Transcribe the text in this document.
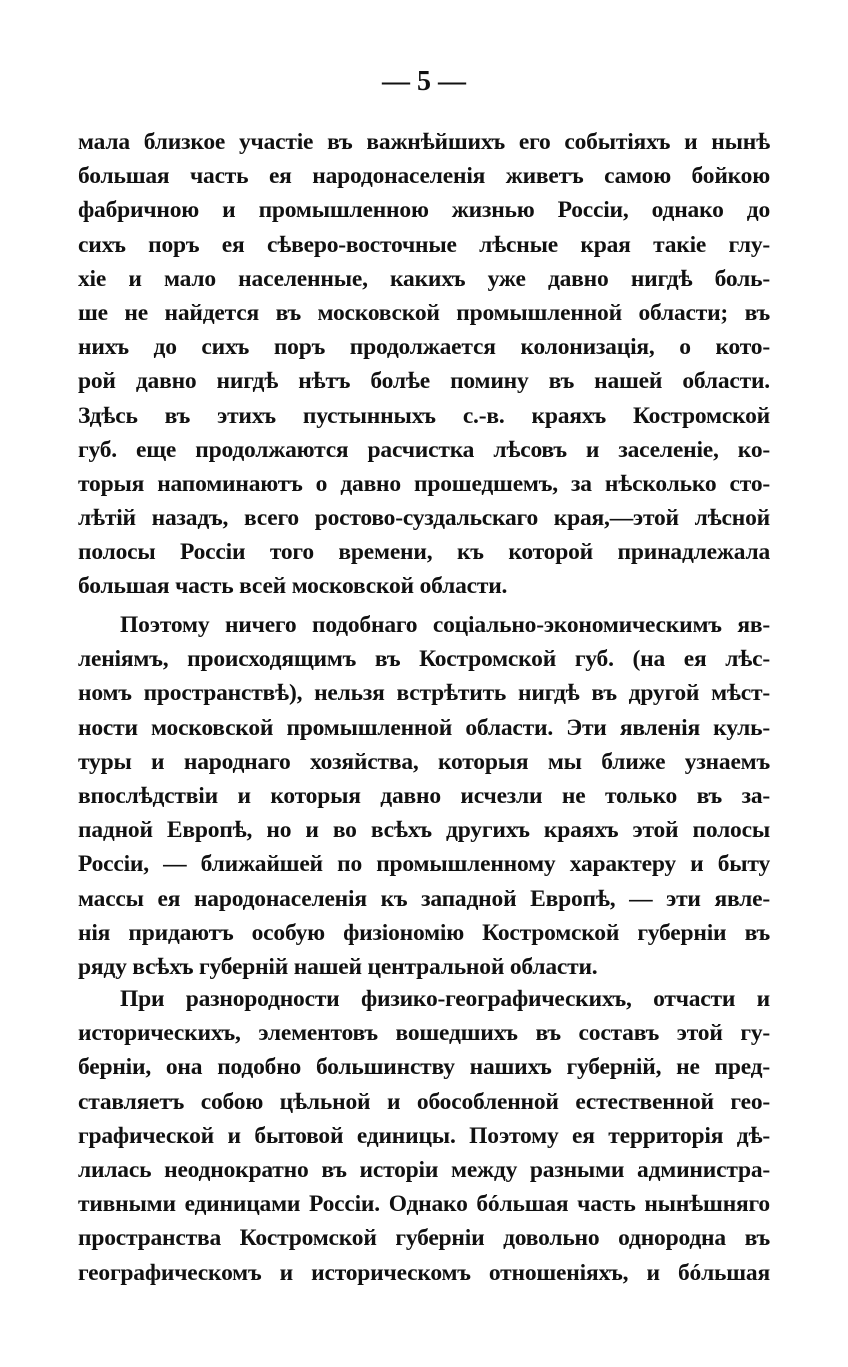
— 5 —
мала близкое участіе въ важнѣйшихъ его событіяхъ и нынѣ
большая часть ея народонаселенія живетъ самою бойкою
фабричною и промышленною жизнью Россіи, однако до
сихъ поръ ея сѣверо-восточные лѣсные края такіе глу-
хіе и мало населенные, какихъ уже давно нигдѣ боль-
ше не найдется въ московской промышленной области; въ
нихъ до сихъ поръ продолжается колонизація, о кото-
рой давно нигдѣ нѣтъ болѣе помину въ нашей области.
Здѣсь въ этихъ пустынныхъ с.-в. краяхъ Костромской
губ. еще продолжаются расчистка лѣсовъ и заселеніе, ко-
торыя напоминаютъ о давно прошедшемъ, за нѣсколько сто-
лѣтій назадъ, всего ростово-суздальскаго края,—этой лѣсной
полосы Россіи того времени, къ которой принадлежала
большая часть всей московской области.
Поэтому ничего подобнаго соціально-экономическимъ яв-
леніямъ, происходящимъ въ Костромской губ. (на ея лѣс-
номъ пространствѣ), нельзя встрѣтить нигдѣ въ другой мѣст-
ности московской промышленной области. Эти явленія куль-
туры и народнаго хозяйства, которыя мы ближе узнаемъ
впослѣдствіи и которыя давно исчезли не только въ за-
падной Европѣ, но и во всѣхъ другихъ краяхъ этой полосы
Россіи, — ближайшей по промышленному характеру и быту
массы ея народонаселенія къ западной Европѣ, — эти явле-
нія придаютъ особую физіономію Костромской губерніи въ
ряду всѣхъ губерній нашей центральной области.
При разнородности физико-географическихъ, отчасти и
историческихъ, элементовъ вошедшихъ въ составъ этой гу-
берніи, она подобно большинству нашихъ губерній, не пред-
ставляетъ собою цѣльной и обособленной естественной гео-
графической и бытовой единицы. Поэтому ея территорія дѣ-
лилась неоднократно въ исторіи между разными администра-
тивными единицами Россіи. Однако бóльшая часть нынѣшняго
пространства Костромской губерніи довольно однородна въ
географическомъ и историческомъ отношеніяхъ, и бóльшая
